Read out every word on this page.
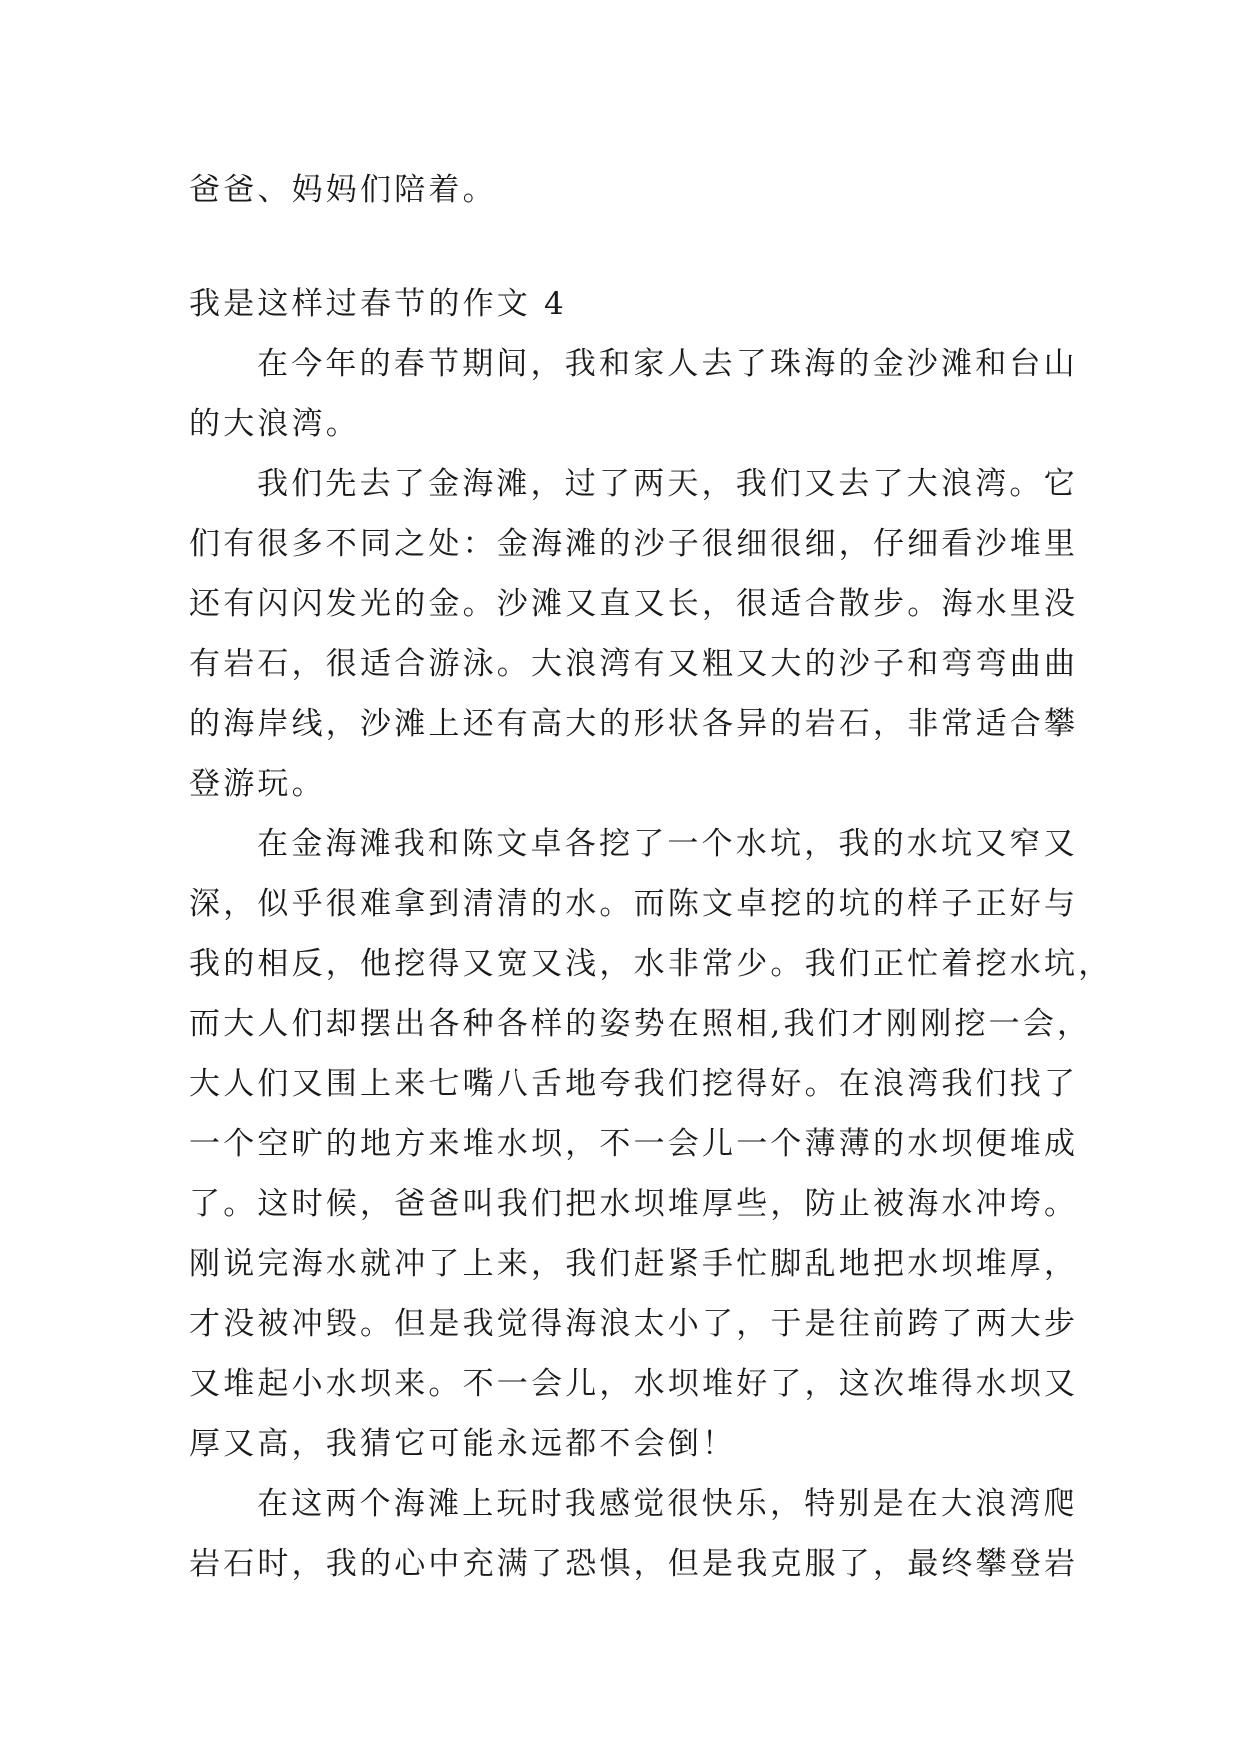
爸爸、妈妈们陪着。
我是这样过春节的作文 4
在今年的春节期间，我和家人去了珠海的金沙滩和台山
的大浪湾。
我们先去了金海滩，过了两天，我们又去了大浪湾。它
们有很多不同之处：金海滩的沙子很细很细，仔细看沙堆里
还有闪闪发光的金。沙滩又直又长，很适合散步。海水里没
有岩石，很适合游泳。大浪湾有又粗又大的沙子和弯弯曲曲
的海岸线，沙滩上还有高大的形状各异的岩石，非常适合攀
登游玩。
在金海滩我和陈文卓各挖了一个水坑，我的水坑又窄又
深，似乎很难拿到清清的水。而陈文卓挖的坑的样子正好与
我的相反，他挖得又宽又浅，水非常少。我们正忙着挖水坑，
而大人们却摆出各种各样的姿势在照相,我们才刚刚挖一会，
大人们又围上来七嘴八舌地夸我们挖得好。在浪湾我们找了
一个空旷的地方来堆水坝，不一会儿一个薄薄的水坝便堆成
了。这时候，爸爸叫我们把水坝堆厚些，防止被海水冲垮。
刚说完海水就冲了上来，我们赶紧手忙脚乱地把水坝堆厚，
才没被冲毁。但是我觉得海浪太小了，于是往前跨了两大步
又堆起小水坝来。不一会儿，水坝堆好了，这次堆得水坝又
厚又高，我猜它可能永远都不会倒！
在这两个海滩上玩时我感觉很快乐，特别是在大浪湾爬
岩石时，我的心中充满了恐惧，但是我克服了，最终攀登岩
